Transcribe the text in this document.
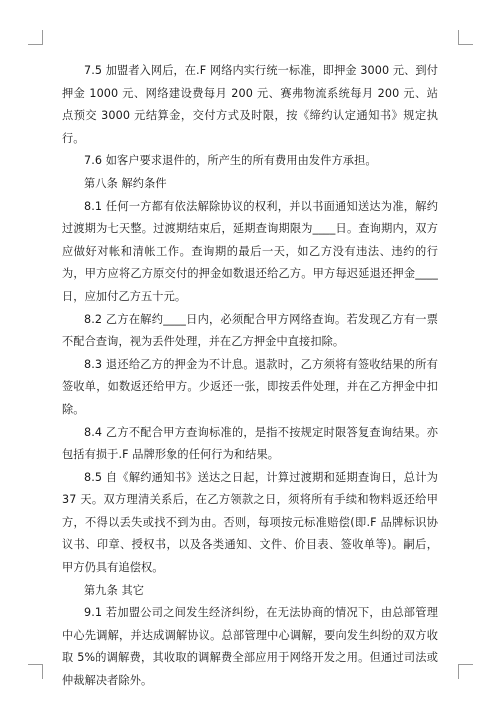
7.5 加盟者入网后，在.F 网络内实行统一标准，即押金 3000 元、到付押金 1000 元、网络建设费每月 200 元、赛弗物流系统每月 200 元、站点预交 3000 元结算金，交付方式及时限，按《缔约认定通知书》规定执行。

7.6 如客户要求退件的，所产生的所有费用由发件方承担。

第八条 解约条件

8.1 任何一方都有依法解除协议的权利，并以书面通知送达为准，解约过渡期为七天整。过渡期结束后，延期查询期限为____日。查询期内，双方应做好对帐和清帐工作。查询期的最后一天，如乙方没有违法、违约的行为，甲方应将乙方原交付的押金如数退还给乙方。甲方每迟延退还押金____日，应加付乙方五十元。

8.2 乙方在解约____日内，必须配合甲方网络查询。若发现乙方有一票不配合查询，视为丢件处理，并在乙方押金中直接扣除。

8.3 退还给乙方的押金为不计息。退款时，乙方须将有签收结果的所有签收单，如数返还给甲方。少返还一张，即按丢件处理，并在乙方押金中扣除。

8.4 乙方不配合甲方查询标准的，是指不按规定时限答复查询结果。亦包括有损于.F 品牌形象的任何行为和结果。

8.5 自《解约通知书》送达之日起，计算过渡期和延期查询日，总计为 37 天。双方理清关系后，在乙方领款之日，须将所有手续和物料返还给甲方，不得以丢失或找不到为由。否则，每项按元标准赔偿(即.F 品牌标识协议书、印章、授权书，以及各类通知、文件、价目表、签收单等)。嗣后，甲方仍具有追偿权。

第九条 其它

9.1 若加盟公司之间发生经济纠纷，在无法协商的情况下，由总部管理中心先调解，并达成调解协议。总部管理中心调解，要向发生纠纷的双方收取 5%的调解费，其收取的调解费全部应用于网络开发之用。但通过司法或仲裁解决者除外。
